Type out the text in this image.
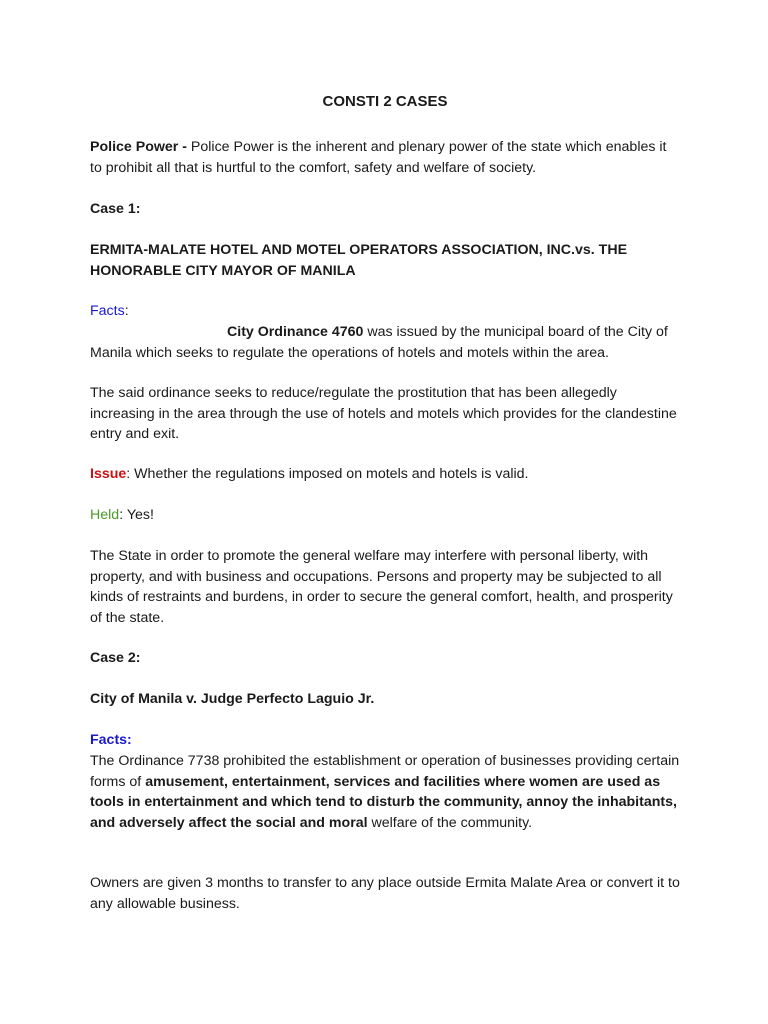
CONSTI 2 CASES

Police Power - Police Power is the inherent and plenary power of the state which enables it to prohibit all that is hurtful to the comfort, safety and welfare of society.

Case 1:

ERMITA-MALATE HOTEL AND MOTEL OPERATORS ASSOCIATION, INC.vs. THE HONORABLE CITY MAYOR OF MANILA

Facts:

City Ordinance 4760 was issued by the municipal board of the City of Manila which seeks to regulate the operations of hotels and motels within the area.

The said ordinance seeks to reduce/regulate the prostitution that has been allegedly increasing in the area through the use of hotels and motels which provides for the clandestine entry and exit.

Issue: Whether the regulations imposed on motels and hotels is valid.

Held: Yes!

The State in order to promote the general welfare may interfere with personal liberty, with property, and with business and occupations. Persons and property may be subjected to all kinds of restraints and burdens, in order to secure the general comfort, health, and prosperity of the state.

Case 2:

City of Manila v. Judge Perfecto Laguio Jr.

Facts:

The Ordinance 7738 prohibited the establishment or operation of businesses providing certain forms of amusement, entertainment, services and facilities where women are used as tools in entertainment and which tend to disturb the community, annoy the inhabitants, and adversely affect the social and moral welfare of the community.

Owners are given 3 months to transfer to any place outside Ermita Malate Area or convert it to any allowable business.
